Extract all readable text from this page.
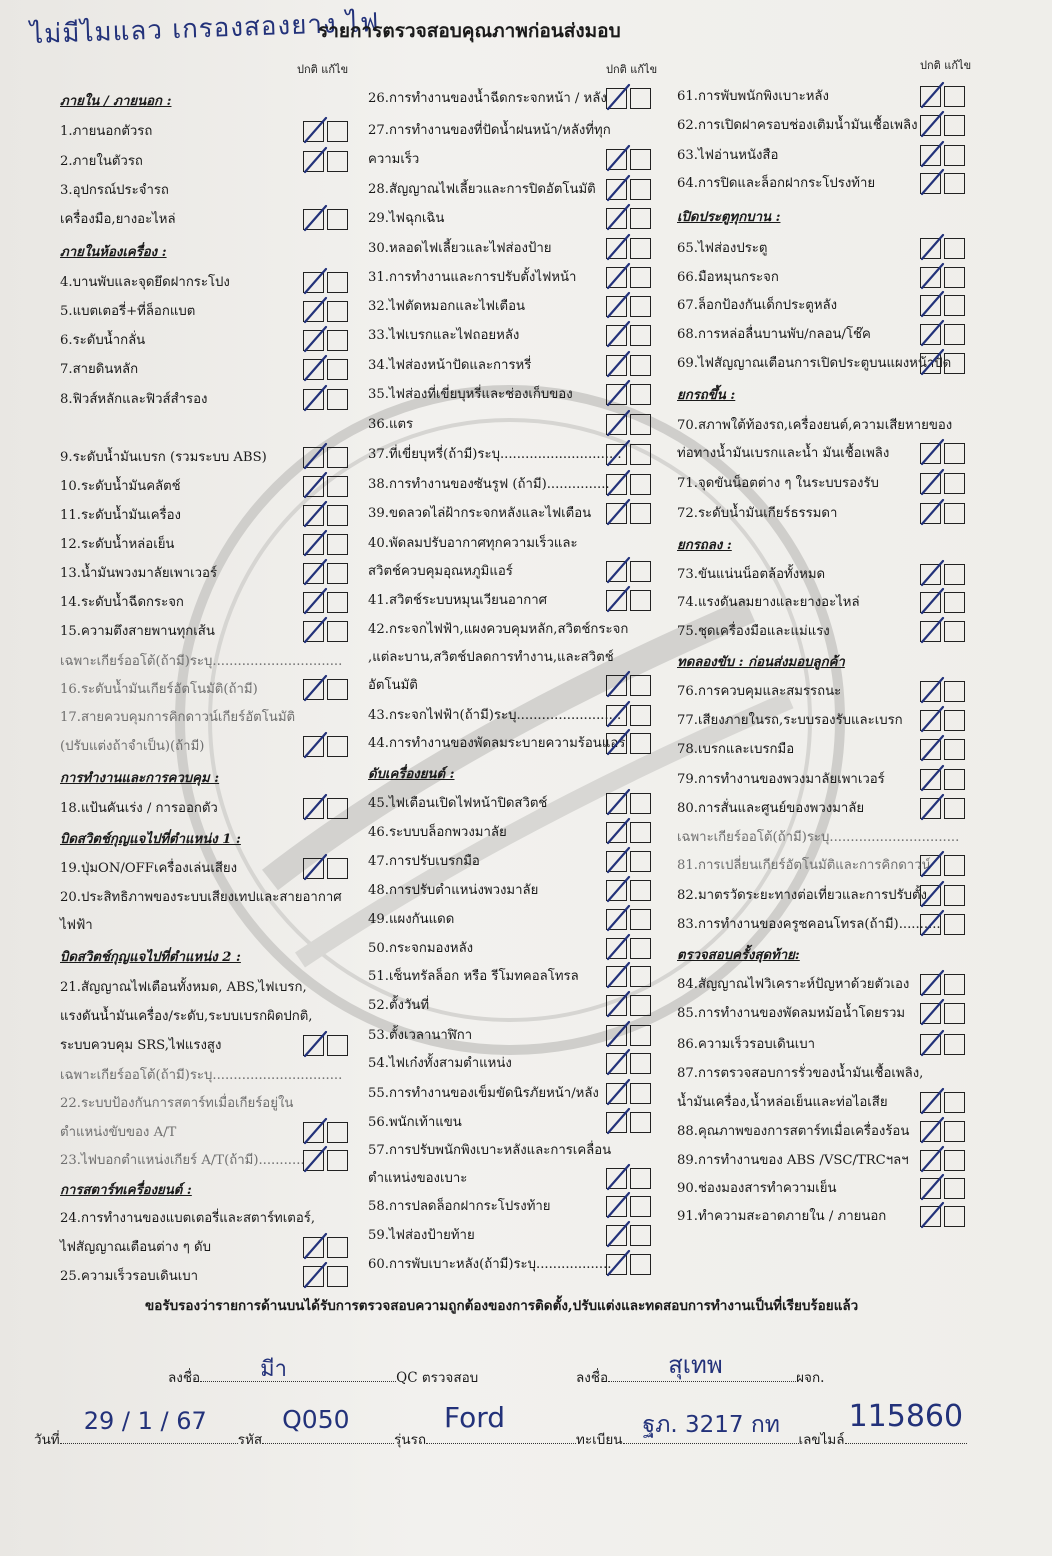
ไม่มีไมแลว เกรองสองยาง ไฟ
รายการตรวจสอบคุณภาพก่อนส่งมอบ
ปกติ แก้ไข	ปกติ แก้ไข	ปกติ แก้ไข
ภายใน / ภายนอก :
1.ภายนอกตัวรถ
2.ภายในตัวรถ
3.อุปกรณ์ประจำรถ
เครื่องมือ,ยางอะไหล่
ภายในห้องเครื่อง :
4.บานพับและจุดยึดฝากระโปง
5.แบตเตอรี่+ที่ล็อกแบต
6.ระดับน้ำกลั่น
7.สายดินหลัก
8.ฟิวส์หลักและฟิวส์สำรอง
9.ระดับน้ำมันเบรก (รวมระบบ ABS)
10.ระดับน้ำมันคลัตช์
11.ระดับน้ำมันเครื่อง
12.ระดับน้ำหล่อเย็น
13.น้ำมันพวงมาลัยเพาเวอร์
14.ระดับน้ำฉีดกระจก
15.ความตึงสายพานทุกเส้น
เฉพาะเกียร์ออโต้(ถ้ามี)ระบุ...............................
16.ระดับน้ำมันเกียร์อัตโนมัติ(ถ้ามี)
17.สายควบคุมการคิกดาวน์เกียร์อัตโนมัติ
(ปรับแต่งถ้าจำเป็น)(ถ้ามี)
การทำงานและการควบคุม :
18.แป้นคันเร่ง / การออกตัว
บิดสวิตช์กุญแจไปที่ตำแหน่ง 1 :
19.ปุ่มON/OFFเครื่องเล่นเสียง
20.ประสิทธิภาพของระบบเสียงเทปและสายอากาศ
ไฟฟ้า
บิดสวิตช์กุญแจไปที่ตำแหน่ง 2 :
21.สัญญาณไฟเตือนทั้งหมด, ABS,ไฟเบรก,
แรงดันน้ำมันเครื่อง/ระดับ,ระบบเบรกผิดปกติ,
ระบบควบคุม SRS,ไฟแรงสูง
เฉพาะเกียร์ออโต้(ถ้ามี)ระบุ...............................
22.ระบบป้องกันการสตาร์ทเมื่อเกียร์อยู่ใน
ตำแหน่งขับของ A/T
23.ไฟบอกตำแหน่งเกียร์ A/T(ถ้ามี)...........
การสตาร์ทเครื่องยนต์ :
24.การทำงานของแบตเตอรี่และสตาร์ทเตอร์,
ไฟสัญญาณเตือนต่าง ๆ ดับ
25.ความเร็วรอบเดินเบา
26.การทำงานของน้ำฉีดกระจกหน้า / หลัง
27.การทำงานของที่ปัดน้ำฝนหน้า/หลังที่ทุก
ความเร็ว
28.สัญญาณไฟเลี้ยวและการปิดอัตโนมัติ
29.ไฟฉุกเฉิน
30.หลอดไฟเลี้ยวและไฟส่องป้าย
31.การทำงานและการปรับตั้งไฟหน้า
32.ไฟตัดหมอกและไฟเตือน
33.ไฟเบรกและไฟถอยหลัง
34.ไฟส่องหน้าปัดและการหรี่
35.ไฟส่องที่เขี่ยบุหรี่และช่องเก็บของ
36.แตร
37.ที่เขี่ยบุหรี่(ถ้ามี)ระบุ.............................
38.การทำงานของซันรูฟ (ถ้ามี)...............
39.ขดลวดไล่ฝ้ากระจกหลังและไฟเตือน
40.พัดลมปรับอากาศทุกความเร็วและ
สวิตช์ควบคุมอุณหภูมิแอร์
41.สวิตช์ระบบหมุนเวียนอากาศ
42.กระจกไฟฟ้า,แผงควบคุมหลัก,สวิตช์กระจก
,แต่ละบาน,สวิตช์ปลดการทำงาน,และสวิตช์
อัตโนมัติ
43.กระจกไฟฟ้า(ถ้ามี)ระบุ.........................
44.การทำงานของพัดลมระบายความร้อนแอร์
ดับเครื่องยนต์ :
45.ไฟเตือนเปิดไฟหน้าปิดสวิตช์
46.ระบบบล็อกพวงมาลัย
47.การปรับเบรกมือ
48.การปรับตำแหน่งพวงมาลัย
49.แผงกันแดด
50.กระจกมองหลัง
51.เซ็นทรัลล็อก หรือ รีโมทคอลโทรล
52.ตั้งวันที่
53.ตั้งเวลานาฬิกา
54.ไฟเก๋งทั้งสามตำแหน่ง
55.การทำงานของเข็มขัดนิรภัยหน้า/หลัง
56.พนักเท้าแขน
57.การปรับพนักพิงเบาะหลังและการเคลื่อน
ตำแหน่งของเบาะ
58.การปลดล็อกฝากระโปรงท้าย
59.ไฟส่องป้ายท้าย
60.การพับเบาะหลัง(ถ้ามี)ระบุ..................
61.การพับพนักพิงเบาะหลัง
62.การเปิดฝาครอบช่องเติมน้ำมันเชื้อเพลิง
63.ไฟอ่านหนังสือ
64.การปิดและล็อกฝากระโปรงท้าย
เปิดประตูทุกบาน :
65.ไฟส่องประตู
66.มือหมุนกระจก
67.ล็อกป้องกันเด็กประตูหลัง
68.การหล่อลื่นบานพับ/กลอน/โช๊ค
69.ไฟสัญญาณเตือนการเปิดประตูบนแผงหน้าปัด
ยกรถขึ้น :
70.สภาพใต้ท้องรถ,เครื่องยนต์,ความเสียหายของ
ท่อทางน้ำมันเบรกและน้ำ มันเชื้อเพลิง
71.จุดขันน็อตต่าง ๆ ในระบบรองรับ
72.ระดับน้ำมันเกียร์ธรรมดา
ยกรถลง :
73.ขันแน่นน็อตล้อทั้งหมด
74.แรงดันลมยางและยางอะไหล่
75.ชุดเครื่องมือและแม่แรง
ทดลองขับ : ก่อนส่งมอบลูกค้า
76.การควบคุมและสมรรถนะ
77.เสียงภายในรถ,ระบบรองรับและเบรก
78.เบรกและเบรกมือ
79.การทำงานของพวงมาลัยเพาเวอร์
80.การสั่นและศูนย์ของพวงมาลัย
เฉพาะเกียร์ออโต้(ถ้ามี)ระบุ...............................
81.การเปลี่ยนเกียร์อัตโนมัติและการคิกดาวน์
82.มาตรวัดระยะทางต่อเที่ยวและการปรับตั้ง
83.การทำงานของครูซคอนโทรล(ถ้ามี)..........
ตรวจสอบครั้งสุดท้าย:
84.สัญญาณไฟวิเคราะห์ปัญหาด้วยตัวเอง
85.การทำงานของพัดลมหม้อน้ำโดยรวม
86.ความเร็วรอบเดินเบา
87.การตรวจสอบการรั่วของน้ำมันเชื้อเพลิง,
น้ำมันเครื่อง,น้ำหล่อเย็นและท่อไอเสีย
88.คุณภาพของการสตาร์ทเมื่อเครื่องร้อน
89.การทำงานของ ABS /VSC/TRCฯลฯ
90.ช่องมองสารทำความเย็น
91.ทำความสะอาดภายใน / ภายนอก
ขอรับรองว่ารายการด้านบนได้รับการตรวจสอบความถูกต้องของการติดตั้ง,ปรับแต่งและทดสอบการทำงานเป็นที่เรียบร้อยแล้ว
ลงชื่อ	มีา	QC ตรวจสอบ	ลงชื่อ	สุเทพ	ผจก.
วันที่
29 / 1 / 67
รหัส
Q050
รุ่นรถ
Ford
ทะเบียน
ฐภ. 3217 กท
เลขไมล์
115860
